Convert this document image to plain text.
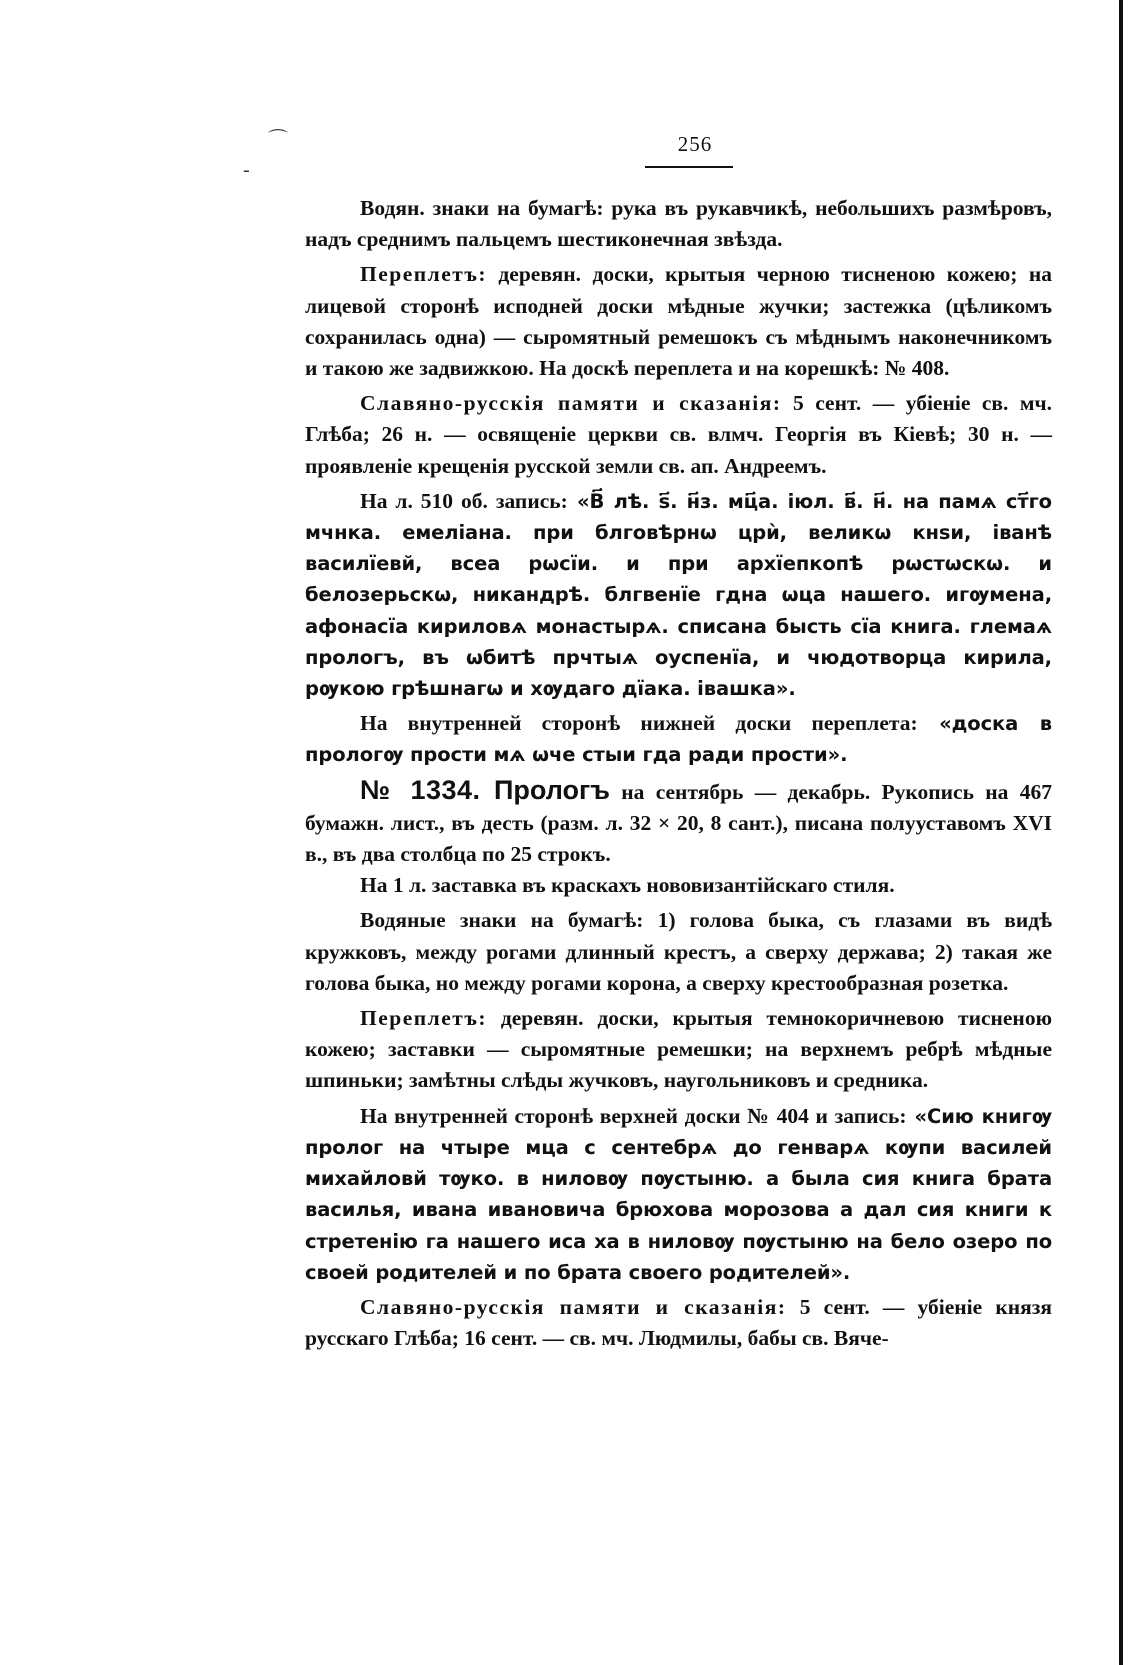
⌒
-
256

Водян. знаки на бумагѣ: рука въ рукавчикѣ, небольшихъ размѣровъ, надъ среднимъ пальцемъ шестиконечная звѣзда.

Переплетъ: деревян. доски, крытыя черною тисненою кожею; на лицевой сторонѣ исподней доски мѣдные жучки; застежка (цѣликомъ сохранилась одна) — сыромятный ремешокъ съ мѣднымъ наконечникомъ и такою же задвижкою. На доскѣ переплета и на корешкѣ: № 408.

Славяно-русскія памяти и сказанія: 5 сент. — убіеніе св. мч. Глѣба; 26 н. — освященіе церкви св. влмч. Георгія въ Кіевѣ; 30 н. — проявленіе крещенія русской земли св. ап. Андреемъ.

На л. 510 об. запись: «В҃ лѣ. ѕ҃. н҃з. мц҃а. іюл. в҃. н҃. на памѧ ст҃го мчнка. емеліана. при блговѣрнѡ црѝ, великѡ кнѕи, іванѣ василїевй, всеа рѡсїи. и при архїепкопѣ рѡстѡскѡ. и белозерьскѡ, никандрѣ. блгвенїе гдна ѡца нашего. игѹмена, афонасїа кириловѧ монастырѧ. списана бысть сїа книга. глемаѧ прологъ, въ ѡбитѣ прчтыѧ оуспенїа, и чюдотворца кирила, рѹкою грѣшнагѡ и хѹдаго дїака. івашка».

На внутренней сторонѣ нижней доски переплета: «доска в прологѹ прости мѧ ѡче стыи гда ради прости».

№ 1334. Прологъ на сентябрь — декабрь. Рукопись на 467 бумажн. лист., въ десть (разм. л. 32 × 20, 8 сант.), писана полууставомъ XVI в., въ два столбца по 25 строкъ.

На 1 л. заставка въ краскахъ нововизантійскаго стиля.

Водяные знаки на бумагѣ: 1) голова быка, съ глазами въ видѣ кружковъ, между рогами длинный крестъ, а сверху держава; 2) такая же голова быка, но между рогами корона, а сверху крестообразная розетка.

Переплетъ: деревян. доски, крытыя темнокоричневою тисненою кожею; заставки — сыромятные ремешки; на верхнемъ ребрѣ мѣдные шпиньки; замѣтны слѣды жучковъ, наугольниковъ и средника.

На внутренней сторонѣ верхней доски № 404 и запись: «Сию книгѹ пролог на чтыре мца с сентебрѧ до генварѧ кѹпи василей михайловй тѹко. в ниловѹ пѹстыню. а была сия книга брата василья, ивана ивановича брюхова морозова а дал сия книги к стретенію га нашего иса ха в ниловѹ пѹстыню на бело озеро по своей родителей и по брата своего родителей».

Славяно-русскія памяти и сказанія: 5 сент. — убіеніе князя русскаго Глѣба; 16 сент. — св. мч. Людмилы, бабы св. Вяче-
